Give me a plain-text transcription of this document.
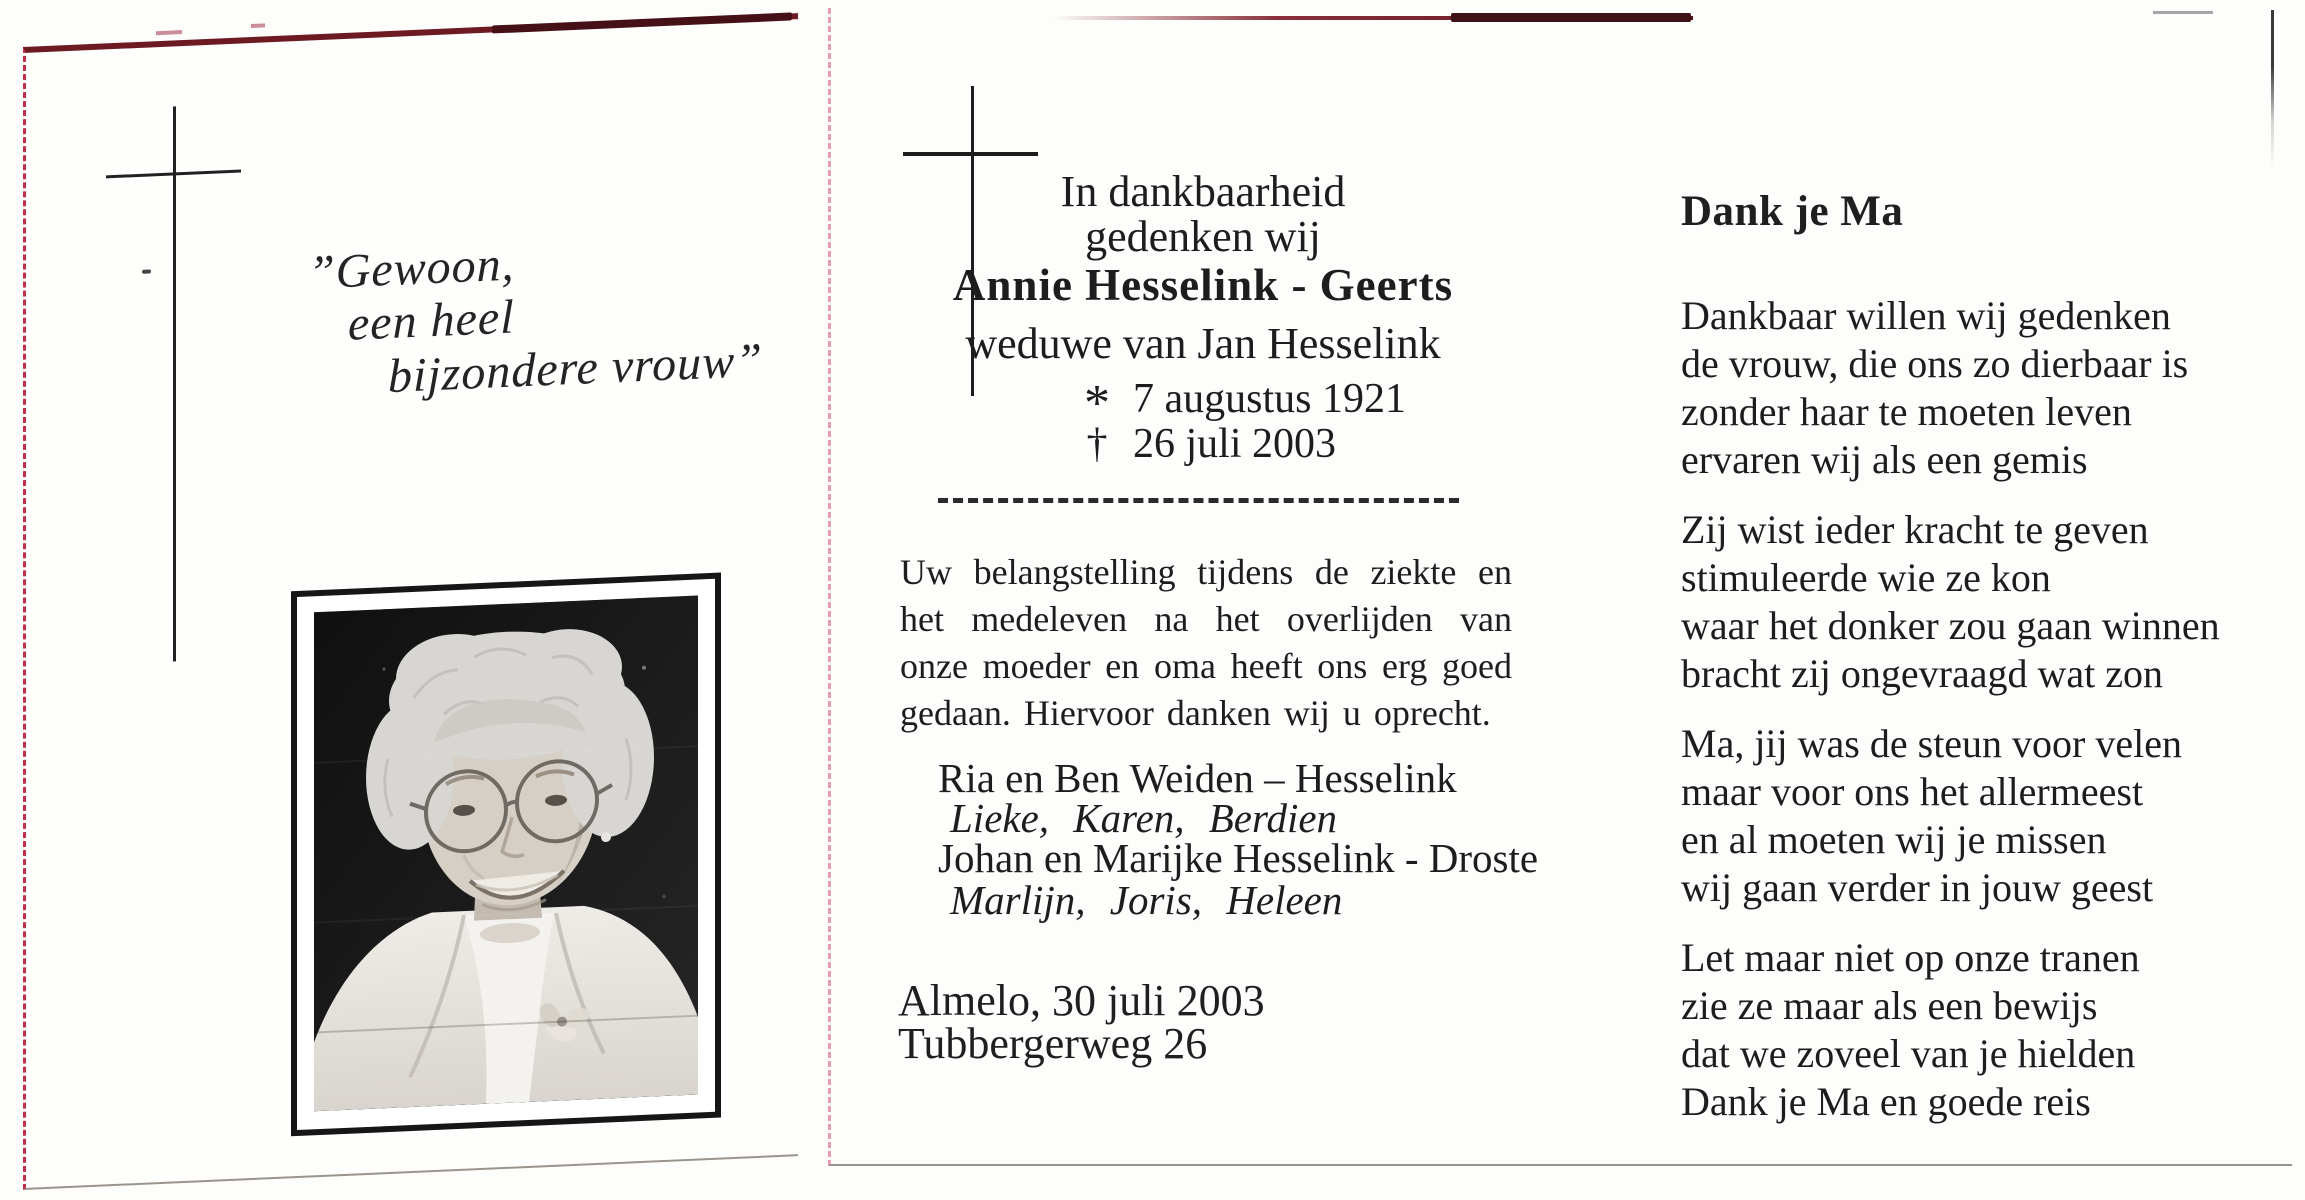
”Gewoon,
een heel
bijzondere vrouw”
In dankbaarheid
gedenken wij
Annie Hesselink - Geerts
weduwe van Jan Hesselink
* 7 augustus 1921
† 26 juli 2003
Uw belangstelling tijdens de ziekte en
het medeleven na het overlijden van
onze moeder en oma heeft ons erg goed
gedaan. Hiervoor danken wij u oprecht.
Ria en Ben Weiden – Hesselink
Lieke, Karen, Berdien
Johan en Marijke Hesselink - Droste
Marlijn, Joris, Heleen
Almelo, 30 juli 2003
Tubbergerweg 26
Dank je Ma
Dankbaar willen wij gedenken
de vrouw, die ons zo dierbaar is
zonder haar te moeten leven
ervaren wij als een gemis
Zij wist ieder kracht te geven
stimuleerde wie ze kon
waar het donker zou gaan winnen
bracht zij ongevraagd wat zon
Ma, jij was de steun voor velen
maar voor ons het allermeest
en al moeten wij je missen
wij gaan verder in jouw geest
Let maar niet op onze tranen
zie ze maar als een bewijs
dat we zoveel van je hielden
Dank je Ma en goede reis
